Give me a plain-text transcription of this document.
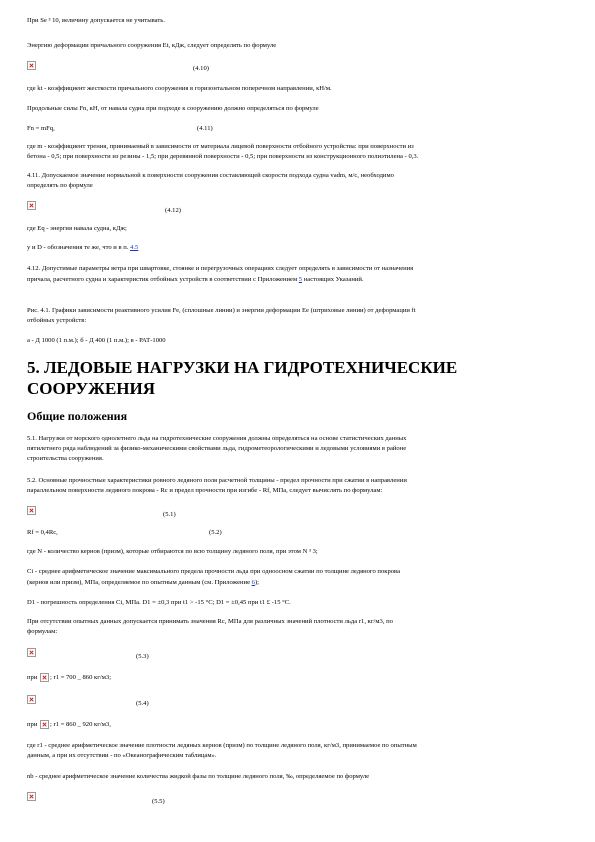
При Se ³ 10, величину допускается не учитывать.
Энергию деформации причального сооружения Et, кДж, следует определять по формуле
(4.10)
где kt - коэффициент жесткости причального сооружения в горизонтальном поперечном направлении, кН/м.
Продольные силы Fn, кН, от навала судна при подходе к сооружению должно определяться по формуле
Fn = mFq,	(4.11)
где m - коэффициент трения, принимаемый в зависимости от материала лицевой поверхности отбойного устройства: при поверхности из
бетона - 0,5; при поверхности из резины - 1,5; при деревянной поверхности - 0,5; при поверхности из конструкционного полиэтилена - 0,3.
4.11. Допускаемое значение нормальной к поверхности сооружения составляющей скорости подхода судна vadm, м/с, необходимо
определять по формуле
(4.12)
где Eq - энергия навала судна, кДж;
y и D - обозначения те же, что и в п. 4.5
4.12. Допустимые параметры ветра при швартовке, стоянке и перегрузочных операциях следует определять в зависимости от назначения
причала, расчетного судна и характеристик отбойных устройств в соответствии с Приложением 5 настоящих Указаний.
Рис. 4.1. Графики зависимости реактивного усилия Fe, (сплошные линии) и энергии деформации Ee (штриховые линии) от деформации ft
отбойных устройств:
а - Д 1000 (1 п.м.); б - Д 400 (1 п.м.); в - РАТ-1000
5. ЛЕДОВЫЕ НАГРУЗКИ НА ГИДРОТЕХНИЧЕСКИЕ СООРУЖЕНИЯ
Общие положения
5.1. Нагрузки от морского однолетнего льда на гидротехнические сооружения должны определяться на основе статистических данных
пятилетнего ряда наблюдений за физико-механическими свойствами льда, гидрометеорологическими и ледовыми условиями в районе
строительства сооружения.
5.2. Основные прочностные характеристики ровного ледяного поля расчетной толщины - предел прочности при сжатии в направлении
параллельном поверхности ледяного покрова - Rc и предел прочности при изгибе - Rf, МПа, следует вычислять по формулам:
(5.1)
Rf = 0,4Rc,	(5.2)
где N - количество кернов (призм), которые отбираются по всю толщину ледяного поля, при этом N ³ 3;
Ci - среднее арифметическое значение максимального предела прочности льда при одноосном сжатии по толщине ледяного покрова
(кернов или призм), МПа, определяемое по опытным данным (см. Приложение 6);
D1 - погрешность определения Ci, МПа. D1 = ±0,3 при t1 > -15 °С; D1 = ±0,45 при t1 £ -15 °С.
При отсутствии опытных данных допускается принимать значения Rc, МПа для различных значений плотности льда r1, кг/м3, по
формулам:
(5.3)
при ; r1 = 700 _ 860 кг/м3;
(5.4)
при ; r1 = 860 _ 920 кг/м3,
где r1 - среднее арифметическое значение плотности ледяных кернов (призм) по толщине ледяного поля, кг/м3, принимаемое по опытным
данным, а при их отсутствии - по «Океанографическим таблицам».
nb - среднее арифметическое значение количества жидкой фазы по толщине ледяного поля, ‰, определяемое по формуле
(5.5)
